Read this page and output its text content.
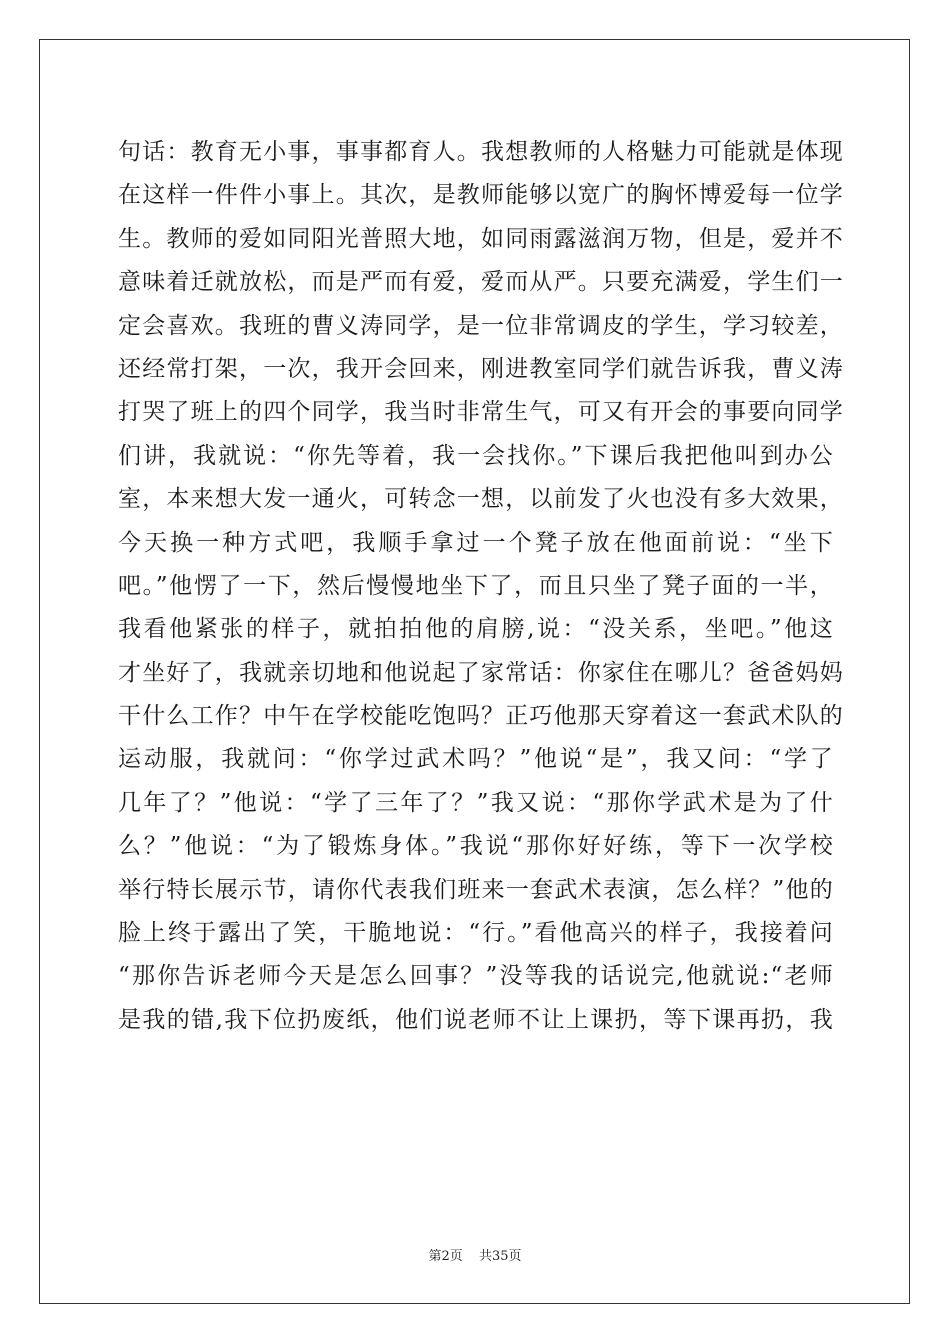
句话：教育无小事，事事都育人。我想教师的人格魅力可能就是体现
在这样一件件小事上。其次，是教师能够以宽广的胸怀博爱每一位学
生。教师的爱如同阳光普照大地，如同雨露滋润万物，但是，爱并不
意味着迁就放松，而是严而有爱，爱而从严。只要充满爱，学生们一
定会喜欢。我班的曹义涛同学，是一位非常调皮的学生，学习较差，
还经常打架，一次，我开会回来，刚进教室同学们就告诉我，曹义涛
打哭了班上的四个同学，我当时非常生气，可又有开会的事要向同学
们讲，我就说：“你先等着，我一会找你。”下课后我把他叫到办公
室，本来想大发一通火，可转念一想，以前发了火也没有多大效果，
今天换一种方式吧，我顺手拿过一个凳子放在他面前说：“坐下
吧。”他愣了一下，然后慢慢地坐下了，而且只坐了凳子面的一半，
我看他紧张的样子，就拍拍他的肩膀,说：“没关系，坐吧。”他这
才坐好了，我就亲切地和他说起了家常话：你家住在哪儿？爸爸妈妈
干什么工作？中午在学校能吃饱吗？正巧他那天穿着这一套武术队的
运动服，我就问：“你学过武术吗？”他说“是”，我又问：“学了
几年了？”他说：“学了三年了？”我又说：“那你学武术是为了什
么？”他说：“为了锻炼身体。”我说“那你好好练，等下一次学校
举行特长展示节，请你代表我们班来一套武术表演，怎么样？”他的
脸上终于露出了笑，干脆地说：“行。”看他高兴的样子，我接着问
“那你告诉老师今天是怎么回事？”没等我的话说完,他就说:“老师
是我的错,我下位扔废纸，他们说老师不让上课扔，等下课再扔，我
第2页 共35页
